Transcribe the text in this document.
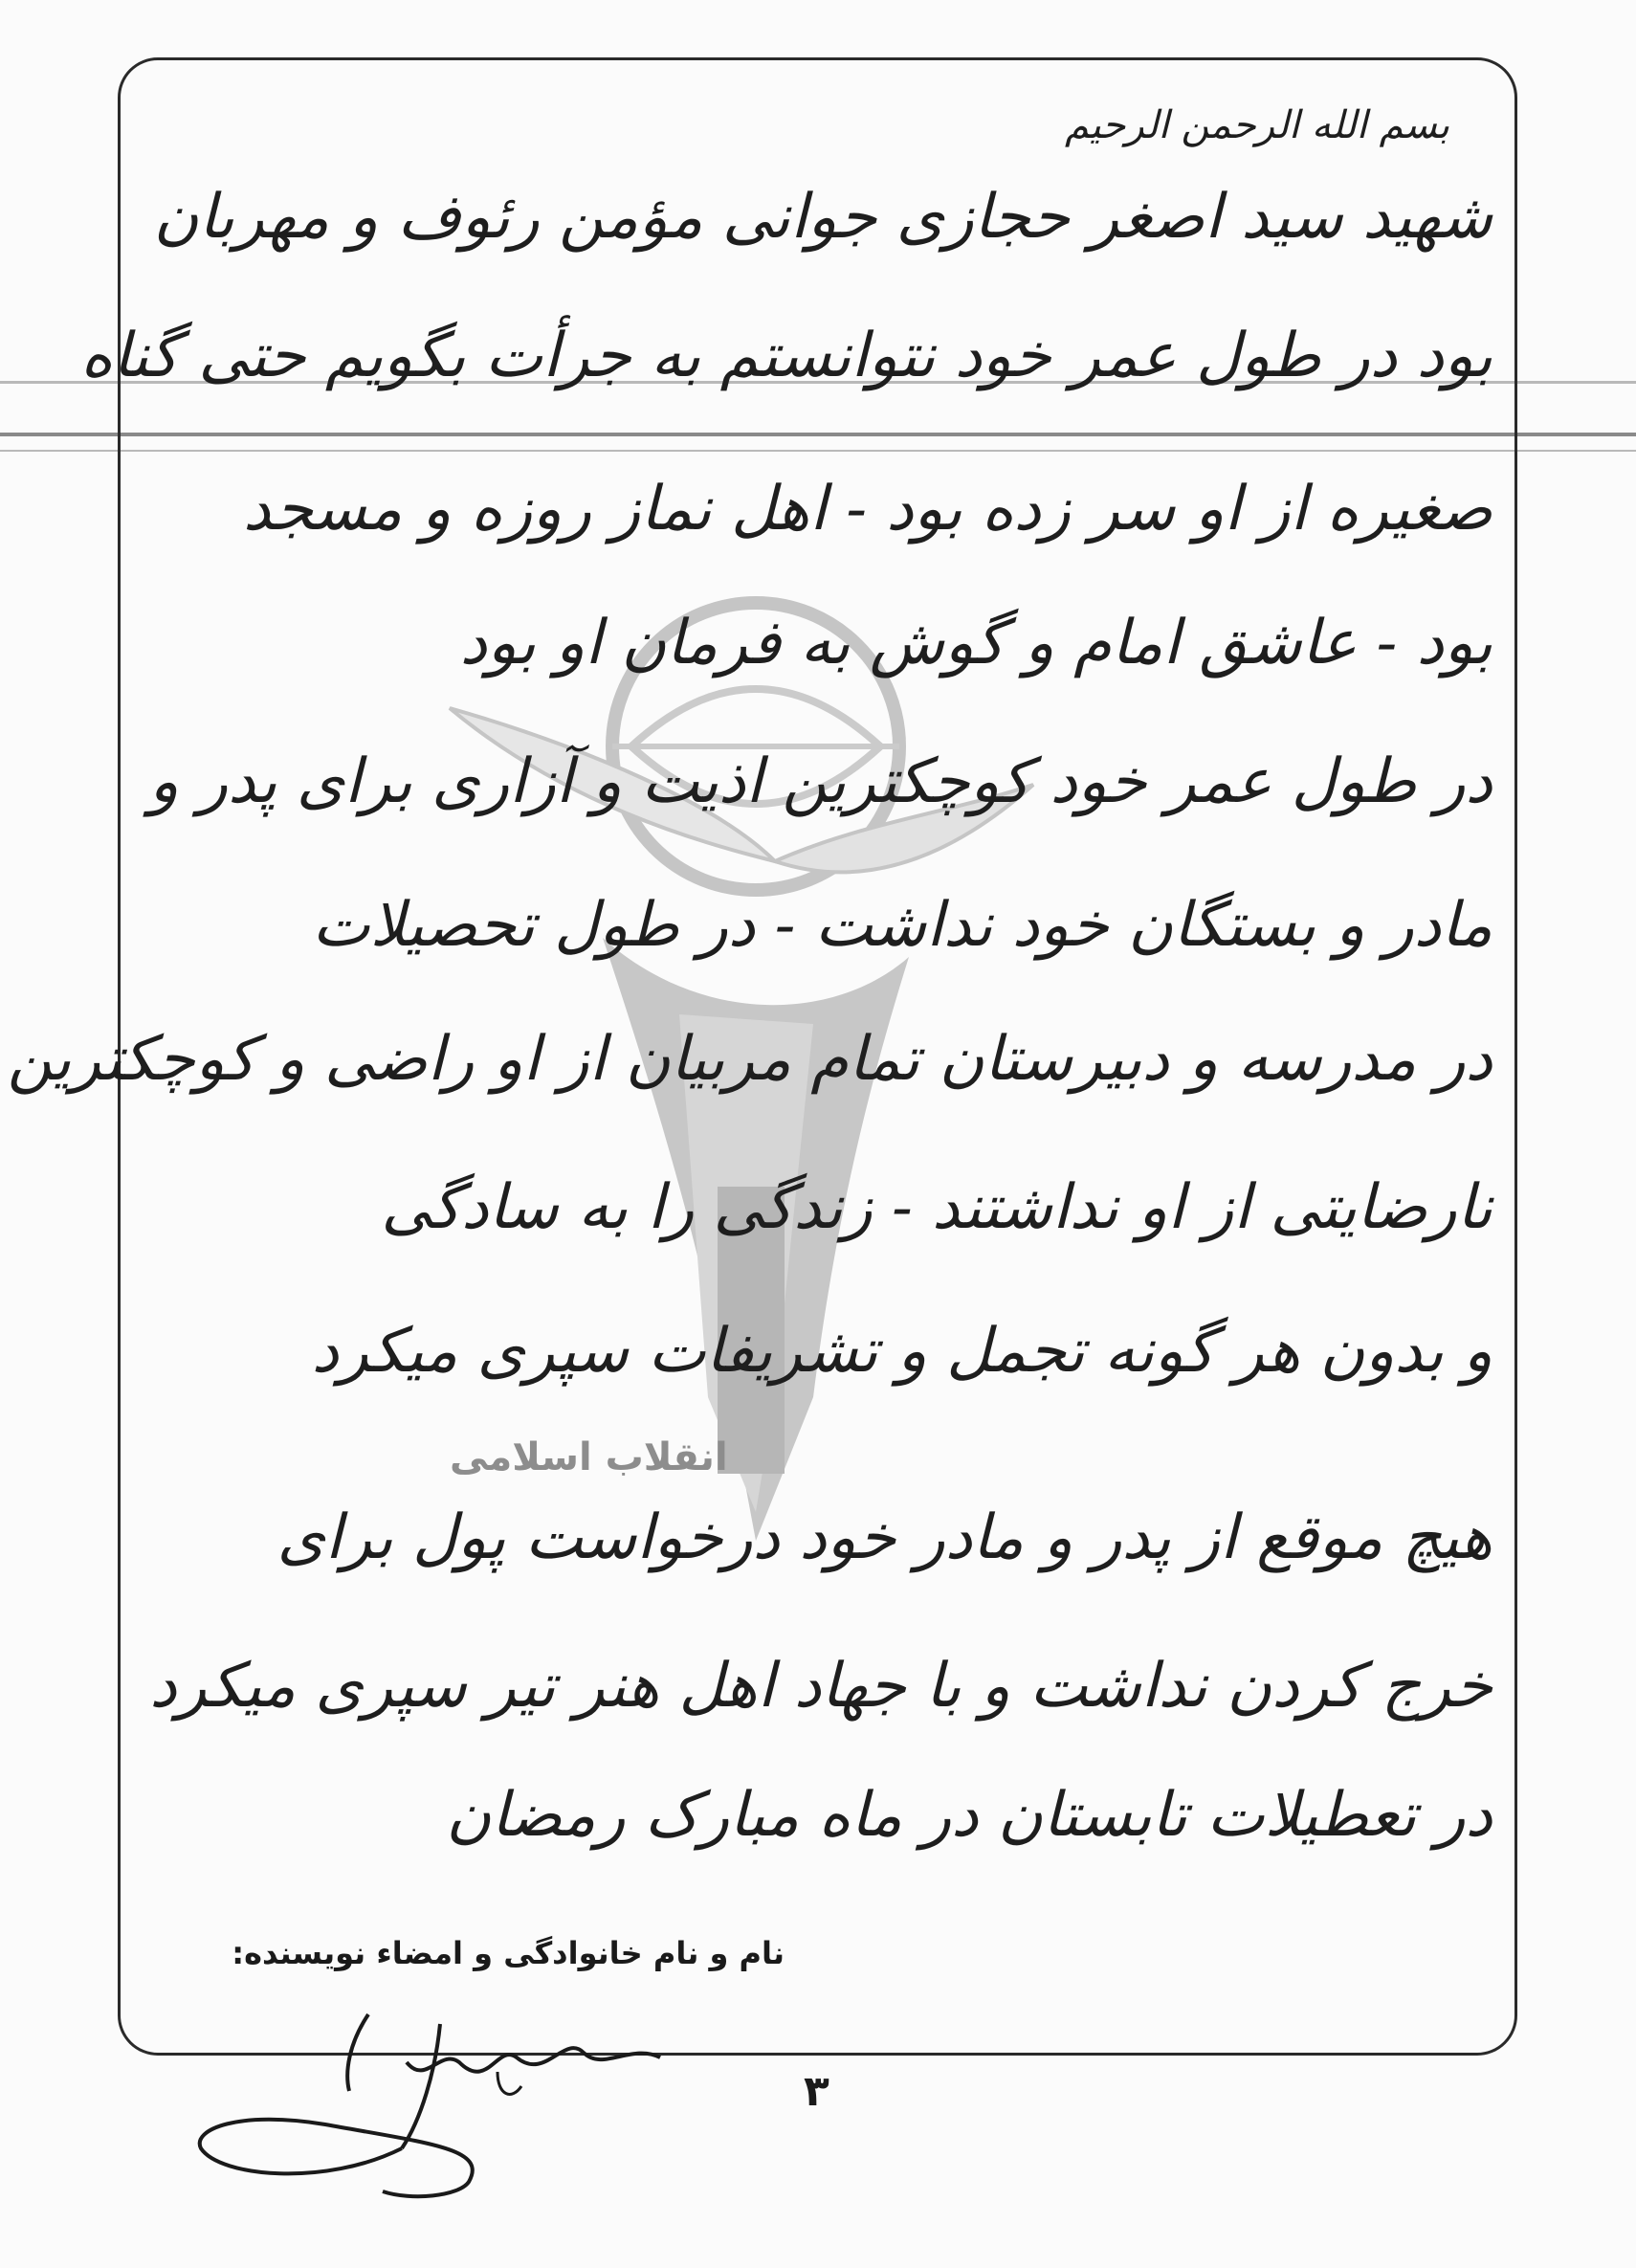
انقلاب اسلامی
بسم الله الرحمن الرحیم
شهید سید اصغر حجازی جوانی مؤمن رئوف و مهربان
بود در طول عمر خود نتوانستم به جرأت بگویم حتی گناه
صغیره از او سر زده بود - اهل نماز روزه و مسجد
بود - عاشق امام و گوش به فرمان او بود
در طول عمر خود کوچکترین اذیت و آزاری برای پدر و
مادر و بستگان خود نداشت - در طول تحصیلات
در مدرسه و دبیرستان تمام مربیان از او راضی و کوچکترین
نارضایتی از او نداشتند - زندگی را به سادگی
و بدون هر گونه تجمل و تشریفات سپری میکرد
هیچ موقع از پدر و مادر خود درخواست پول برای
خرج کردن نداشت و با جهاد اهل هنر تیر سپری میکرد
در تعطیلات تابستان در ماه مبارک رمضان
نام و نام خانوادگی و امضاء نویسنده:
۳
